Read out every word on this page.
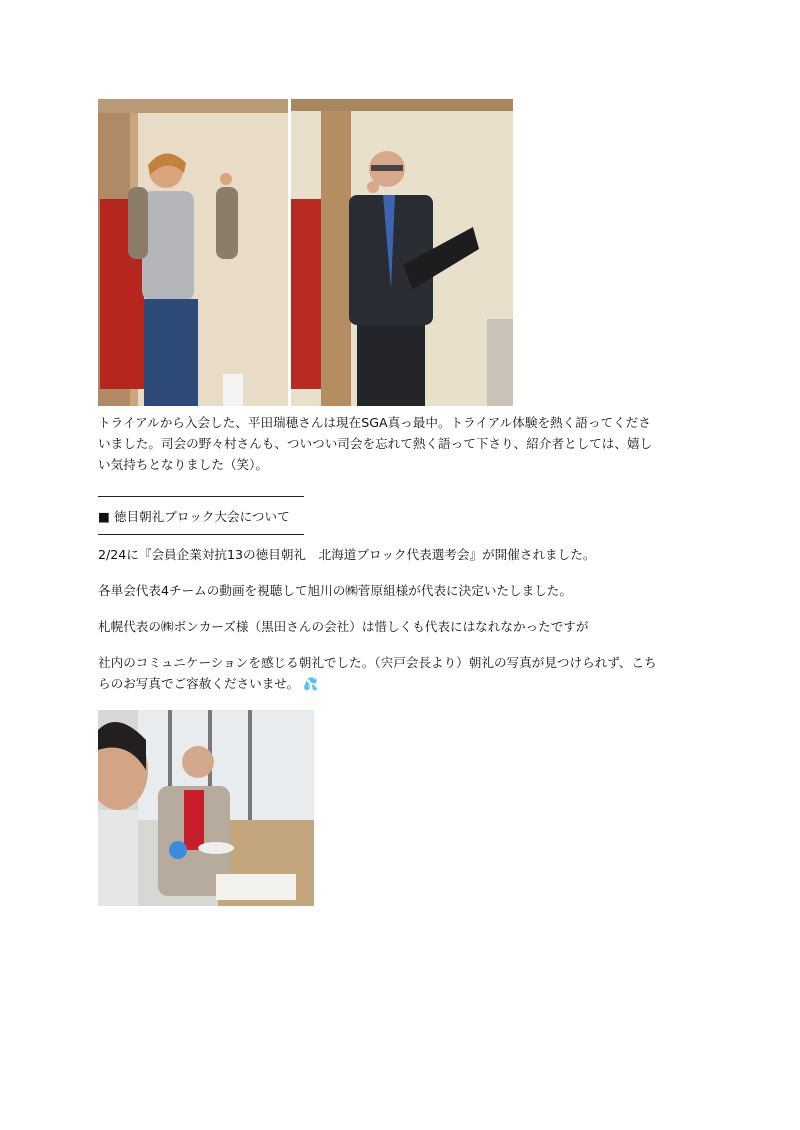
トライアルから入会した、平田瑞穂さんは現在SGA真っ最中。トライアル体験を熱く語ってくださ
いました。司会の野々村さんも、ついつい司会を忘れて熱く語って下さり、紹介者としては、嬉し
い気持ちとなりました（笑）。
■ 徳目朝礼ブロック大会について
2/24に『会員企業対抗13の徳目朝礼　北海道ブロック代表選考会』が開催されました。
各単会代表4チームの動画を視聴して旭川の㈱菅原組様が代表に決定いたしました。
札幌代表の㈱ボンカーズ様（黒田さんの会社）は惜しくも代表にはなれなかったですが
社内のコミュニケーションを感じる朝礼でした。（宍戸会長より）朝礼の写真が見つけられず、こち
らのお写真でご容赦くださいませ。 💦
